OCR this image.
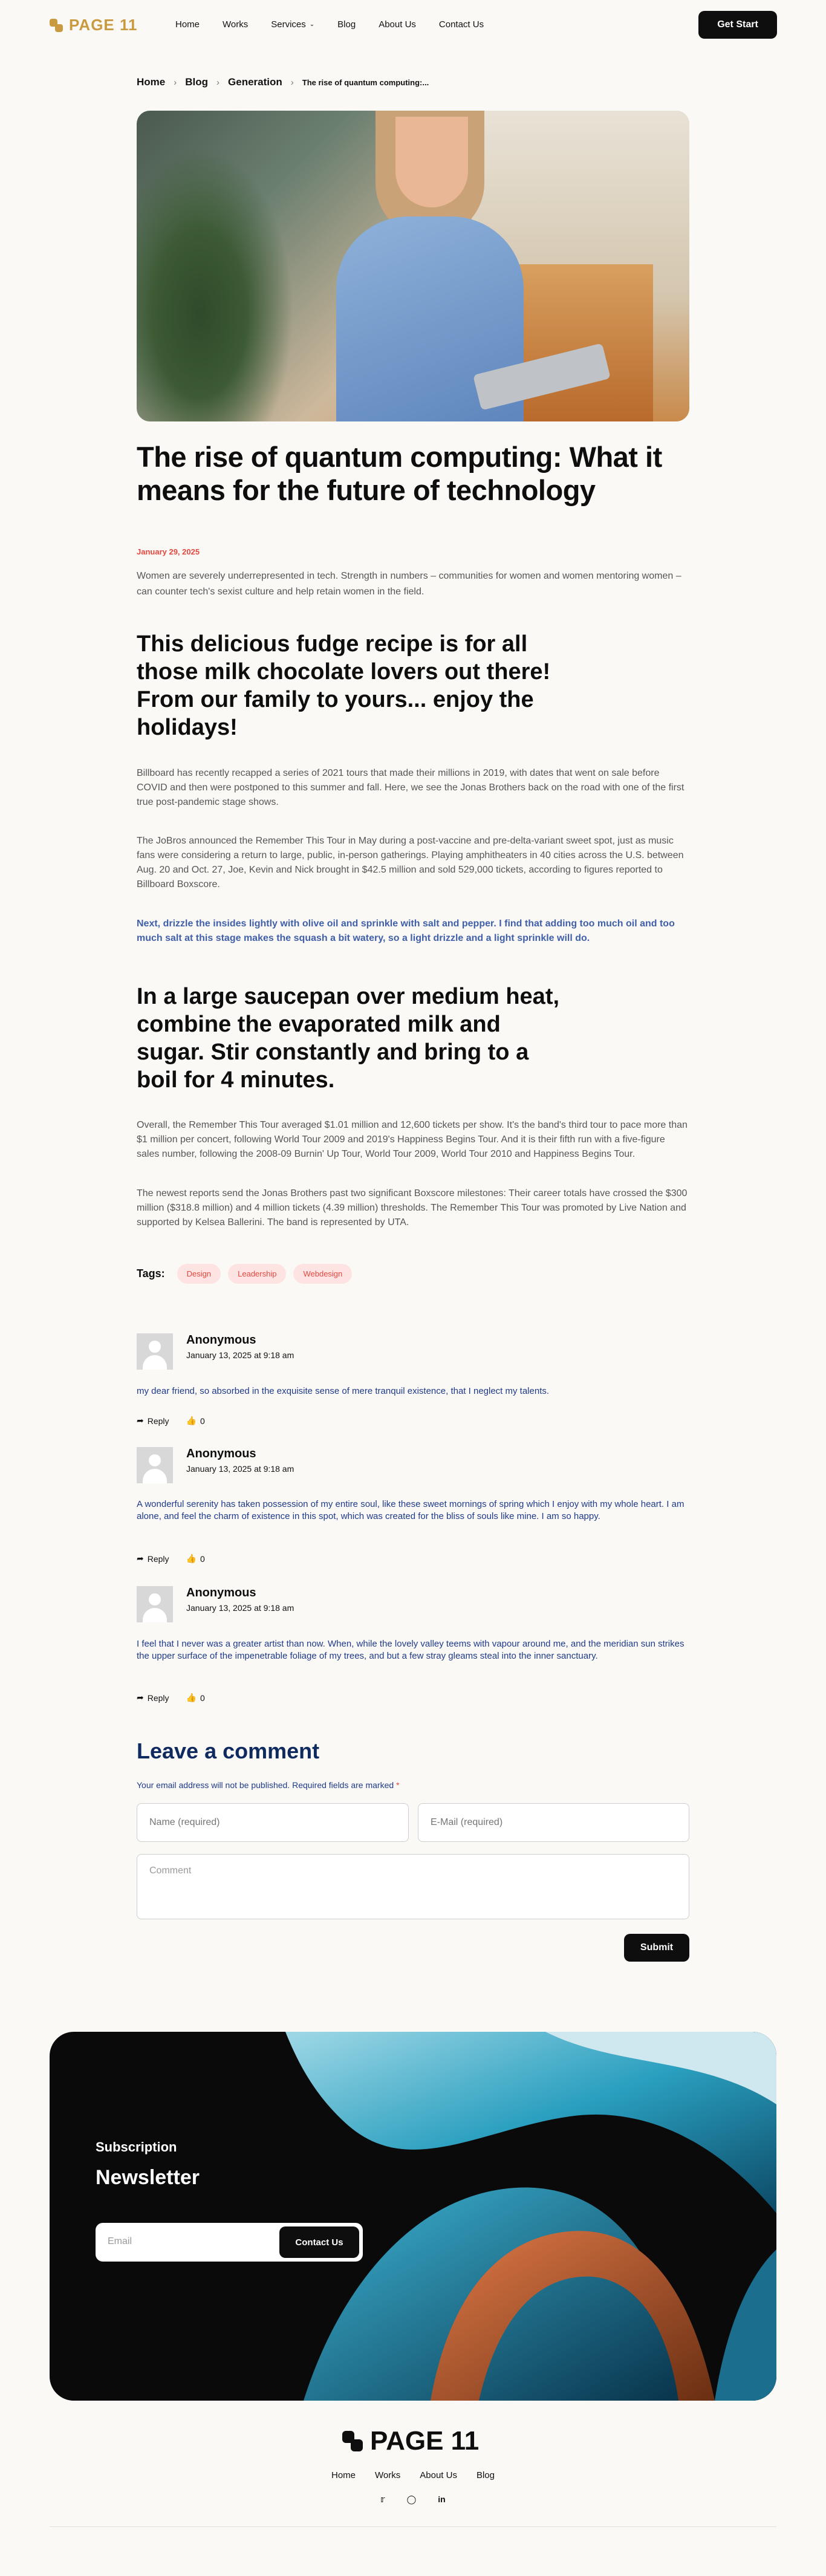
PAGE 11	Home	Works	Services ⌄	Blog	About Us	Contact Us	Get Start
Home › Blog › Generation › The rise of quantum computing:...
The rise of quantum computing: What it means for the future of technology
January 29, 2025

Women are severely underrepresented in tech. Strength in numbers – communities for women and women mentoring women – can counter tech's sexist culture and help retain women in the field.

This delicious fudge recipe is for all those milk chocolate lovers out there! From our family to yours... enjoy the holidays!

Billboard has recently recapped a series of 2021 tours that made their millions in 2019, with dates that went on sale before COVID and then were postponed to this summer and fall. Here, we see the Jonas Brothers back on the road with one of the first true post-pandemic stage shows.

The JoBros announced the Remember This Tour in May during a post-vaccine and pre-delta-variant sweet spot, just as music fans were considering a return to large, public, in-person gatherings. Playing amphitheaters in 40 cities across the U.S. between Aug. 20 and Oct. 27, Joe, Kevin and Nick brought in $42.5 million and sold 529,000 tickets, according to figures reported to Billboard Boxscore.

Next, drizzle the insides lightly with olive oil and sprinkle with salt and pepper. I find that adding too much oil and too much salt at this stage makes the squash a bit watery, so a light drizzle and a light sprinkle will do.

In a large saucepan over medium heat, combine the evaporated milk and sugar. Stir constantly and bring to a boil for 4 minutes.

Overall, the Remember This Tour averaged $1.01 million and 12,600 tickets per show. It's the band's third tour to pace more than $1 million per concert, following World Tour 2009 and 2019's Happiness Begins Tour. And it is their fifth run with a five-figure sales number, following the 2008-09 Burnin' Up Tour, World Tour 2009, World Tour 2010 and Happiness Begins Tour.

The newest reports send the Jonas Brothers past two significant Boxscore milestones: Their career totals have crossed the $300 million ($318.8 million) and 4 million tickets (4.39 million) thresholds. The Remember This Tour was promoted by Live Nation and supported by Kelsea Ballerini. The band is represented by UTA.

Tags:	Design	Leadership	Webdesign
Anonymous
January 13, 2025 at 9:18 am
my dear friend, so absorbed in the exquisite sense of mere tranquil existence, that I neglect my talents.
➦ Reply 👍 0
Anonymous
January 13, 2025 at 9:18 am
A wonderful serenity has taken possession of my entire soul, like these sweet mornings of spring which I enjoy with my whole heart. I am alone, and feel the charm of existence in this spot, which was created for the bliss of souls like mine. I am so happy.
➦ Reply 👍 0
Anonymous
January 13, 2025 at 9:18 am
I feel that I never was a greater artist than now. When, while the lovely valley teems with vapour around me, and the meridian sun strikes the upper surface of the impenetrable foliage of my trees, and but a few stray gleams steal into the inner sanctuary.
➦ Reply 👍 0
Leave a comment
Your email address will not be published. Required fields are marked *
Name (required)
E-Mail (required)
Comment
Submit
Subscription
Newsletter
Email	Contact Us
PAGE 11
Home Works About Us Blog
𝕣	◯	in
